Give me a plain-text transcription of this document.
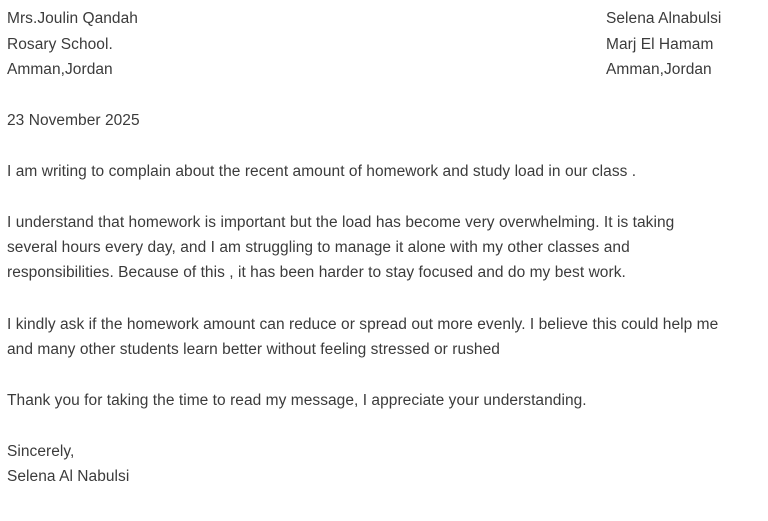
Mrs.Joulin Qandah
Rosary School.
Amman,Jordan
Selena Alnabulsi
Marj El Hamam
Amman,Jordan
23 November 2025
I am writing to complain about the recent amount of homework and study load in our class .
I understand that homework is important but the load has become very overwhelming. It is taking
several hours every day, and I am struggling to manage it alone with my other classes and
responsibilities. Because of this , it has been harder to stay focused and do my best work.
I kindly ask if the homework amount can reduce or spread out more evenly. I believe this could help me
and many other students learn better without feeling stressed or rushed
Thank you for taking the time to read my message, I appreciate your understanding.
Sincerely,
Selena Al Nabulsi
